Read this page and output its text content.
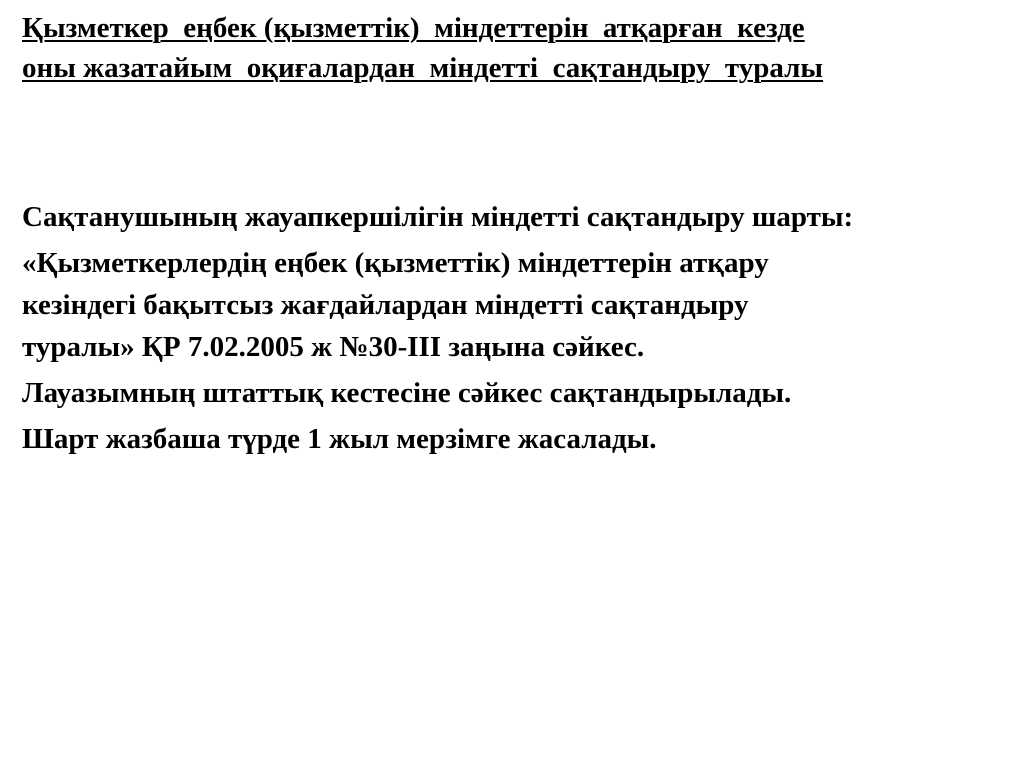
Қызметкер  еңбек (қызметтік)  міндеттерін  атқарған  кезде
оны жазатайым  оқиғалардан  міндетті  сақтандыру  туралы
Сақтанушының жауапкершілігін міндетті сақтандыру шарты:
«Қызметкерлердің еңбек (қызметтік) міндеттерін атқару
кезіндегі бақытсыз жағдайлардан міндетті сақтандыру
туралы» ҚР 7.02.2005 ж №30-III заңына сәйкес.
Лауазымның штаттық кестесіне сәйкес сақтандырылады.
Шарт жазбаша түрде 1 жыл мерзімге жасалады.
